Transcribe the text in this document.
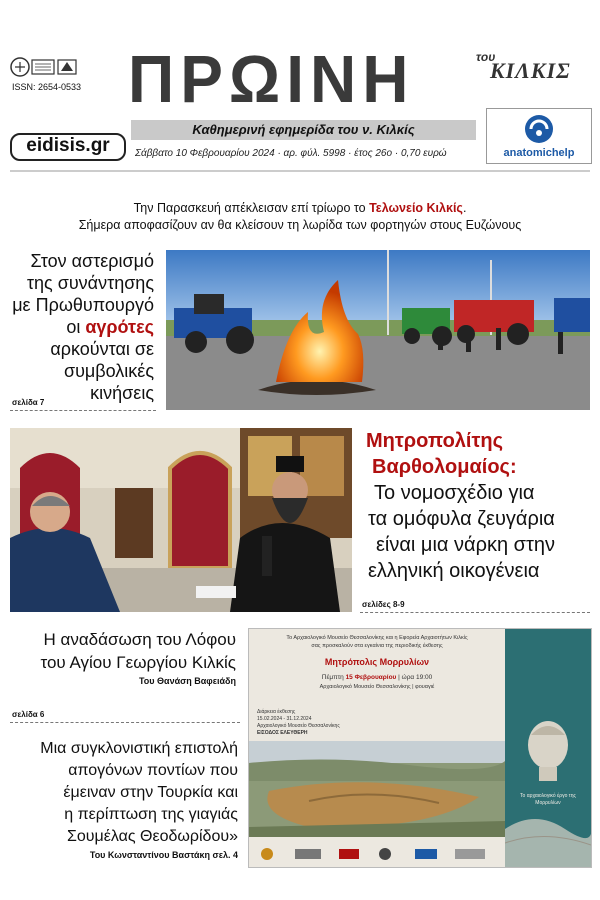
ISSN: 2654-0533 ΠΡΩΙΝΗ	του
ΚΙΛΚΙΣ
eidisis.gr
Καθημερινή εφημερίδα του ν. Κιλκίς
Σάββατο 10 Φεβρουαρίου 2024 · αρ. φύλ. 5998 · έτος 26ο · 0,70 ευρώ	anatomichelp
Την Παρασκευή απέκλεισαν επί τρίωρο το Τελωνείο Κιλκίς.
Σήμερα αποφασίζουν αν θα κλείσουν τη λωρίδα των φορτηγών στους Ευζώνους
Στον αστερισμό
της συνάντησης
με Πρωθυπουργό
οι αγρότες
αρκούνται σε
συμβολικές κινήσεις
σελίδα 7
Μητροπολίτης
Βαρθολομαίος:
Το νομοσχέδιο για
τα ομόφυλα ζευγάρια
είναι μια νάρκη στην
ελληνική οικογένεια
σελίδες 8-9
Η αναδάσωση του Λόφου
του Αγίου Γεωργίου Κιλκίς
Του Θανάση Βαφειάδη
σελίδα 6
Μια συγκλονιστική επιστολή
απογόνων ποντίων που
έμειναν στην Τουρκία και
η περίπτωση της γιαγιάς
Σουμέλας Θεοδωρίδου»
Του Κωνσταντίνου Βαστάκη σελ. 4
Το αρχαιολογικό έργο της Μορρυλίων
Το Αρχαιολογικό Μουσείο Θεσσαλονίκης και η Εφορεία Αρχαιοτήτων Κιλκίς
σας προσκαλούν στα εγκαίνια της περιοδικής έκθεσης
Μητρόπολις Μορρυλίων
Πέμπτη 15 Φεβρουαρίου | ώρα 19:00
Αρχαιολογικό Μουσείο Θεσσαλονίκης | φουαγιέ
Διάρκεια έκθεσης
15.02.2024 - 31.12.2024
Αρχαιολογικό Μουσείο Θεσσαλονίκης
ΕΙΣΟΔΟΣ ΕΛΕΥΘΕΡΗ
